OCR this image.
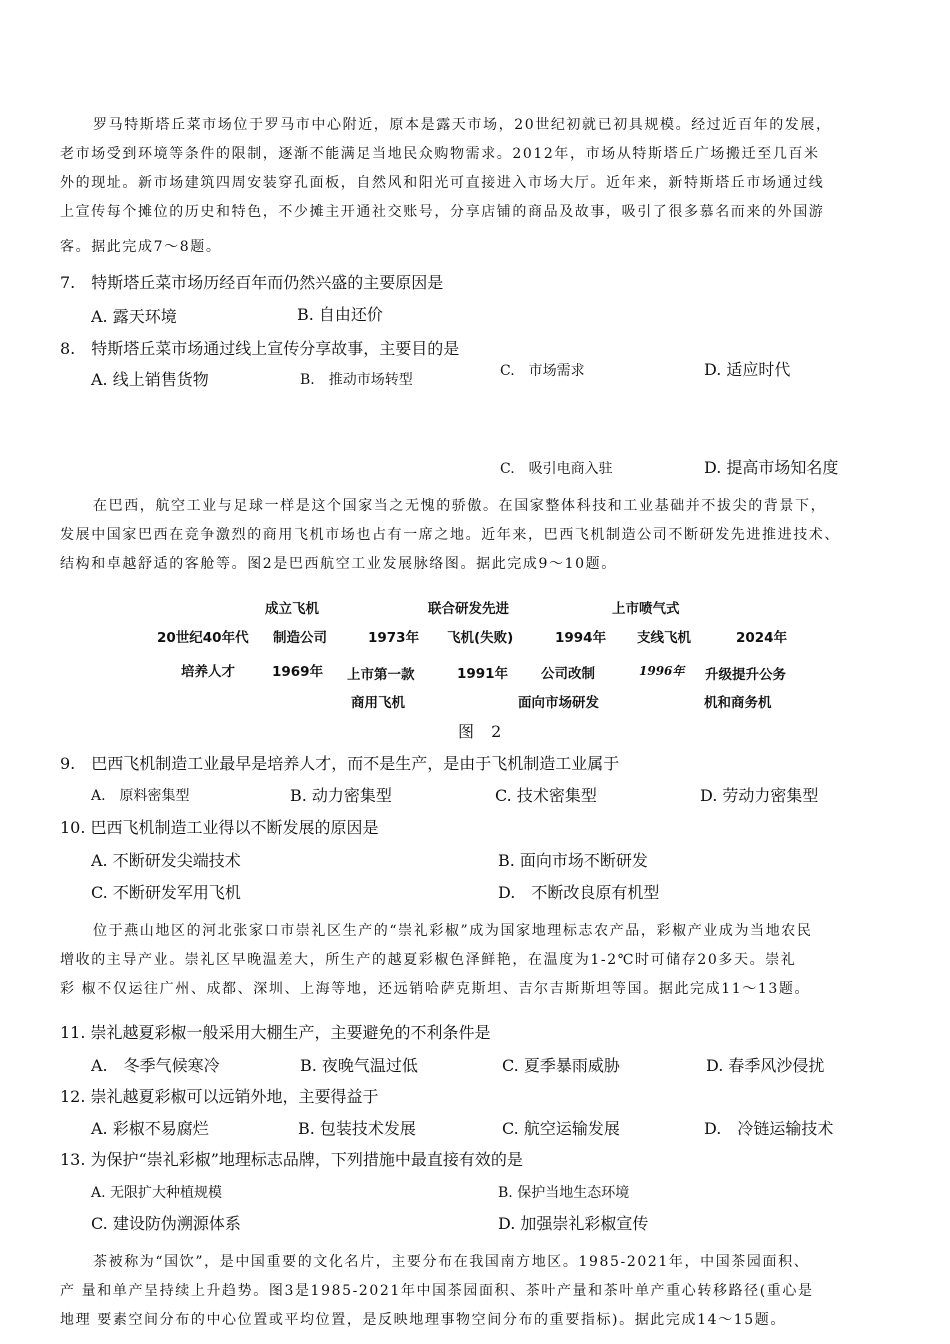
罗马特斯塔丘菜市场位于罗马市中心附近，原本是露天市场，20世纪初就已初具规模。经过近百年的发展，
老市场受到环境等条件的限制，逐渐不能满足当地民众购物需求。2012年，市场从特斯塔丘广场搬迁至几百米
外的现址。新市场建筑四周安装穿孔面板，自然风和阳光可直接进入市场大厅。近年来，新特斯塔丘市场通过线
上宣传每个摊位的历史和特色，不少摊主开通社交账号，分享店铺的商品及故事，吸引了很多慕名而来的外国游
客。据此完成7～8题。
7.　特斯塔丘菜市场历经百年而仍然兴盛的主要原因是
A. 露天环境	B. 自由还价
8.　特斯塔丘菜市场通过线上宣传分享故事，主要目的是
A. 线上销售货物	B.　推动市场转型
C.　市场需求	D. 适应时代
C.　吸引电商入驻	D. 提高市场知名度
在巴西，航空工业与足球一样是这个国家当之无愧的骄傲。在国家整体科技和工业基础并不拔尖的背景下，
发展中国家巴西在竞争激烈的商用飞机市场也占有一席之地。近年来，巴西飞机制造公司不断研发先进推进技术、
结构和卓越舒适的客舱等。图2是巴西航空工业发展脉络图。据此完成9～10题。
成立飞机	联合研发先进	上市喷气式
20世纪40年代 制造公司	1973年 飞机(失败)	1994年 支线飞机	2024年
培养人才	1969年 上市第一款	1991年 公司改制	1996年 升级提升公务
商用飞机	面向市场研发	机和商务机
图 2
9.　巴西飞机制造工业最早是培养人才，而不是生产，是由于飞机制造工业属于
A.　原料密集型	B. 动力密集型	C. 技术密集型	D. 劳动力密集型
10. 巴西飞机制造工业得以不断发展的原因是
A. 不断研发尖端技术	B. 面向市场不断研发
C. 不断研发军用飞机	D.　不断改良原有机型
位于燕山地区的河北张家口市崇礼区生产的“崇礼彩椒”成为国家地理标志农产品，彩椒产业成为当地农民
增收的主导产业。崇礼区早晚温差大，所生产的越夏彩椒色泽鲜艳，在温度为1-2℃时可储存20多天。崇礼
彩 椒不仅运往广州、成都、深圳、上海等地，还远销哈萨克斯坦、吉尔吉斯斯坦等国。据此完成11～13题。
11. 崇礼越夏彩椒一般采用大棚生产，主要避免的不利条件是
A.　冬季气候寒冷	B. 夜晚气温过低	C. 夏季暴雨威胁	D. 春季风沙侵扰
12. 崇礼越夏彩椒可以远销外地，主要得益于
A. 彩椒不易腐烂	B. 包装技术发展	C. 航空运输发展	D.　冷链运输技术
13. 为保护“崇礼彩椒”地理标志品牌，下列措施中最直接有效的是
A. 无限扩大种植规模	B. 保护当地生态环境
C. 建设防伪溯源体系	D. 加强崇礼彩椒宣传
茶被称为“国饮”，是中国重要的文化名片，主要分布在我国南方地区。1985-2021年，中国茶园面积、
产 量和单产呈持续上升趋势。图3是1985-2021年中国茶园面积、茶叶产量和茶叶单产重心转移路径(重心是
地理 要素空间分布的中心位置或平均位置，是反映地理事物空间分布的重要指标)。据此完成14～15题。
